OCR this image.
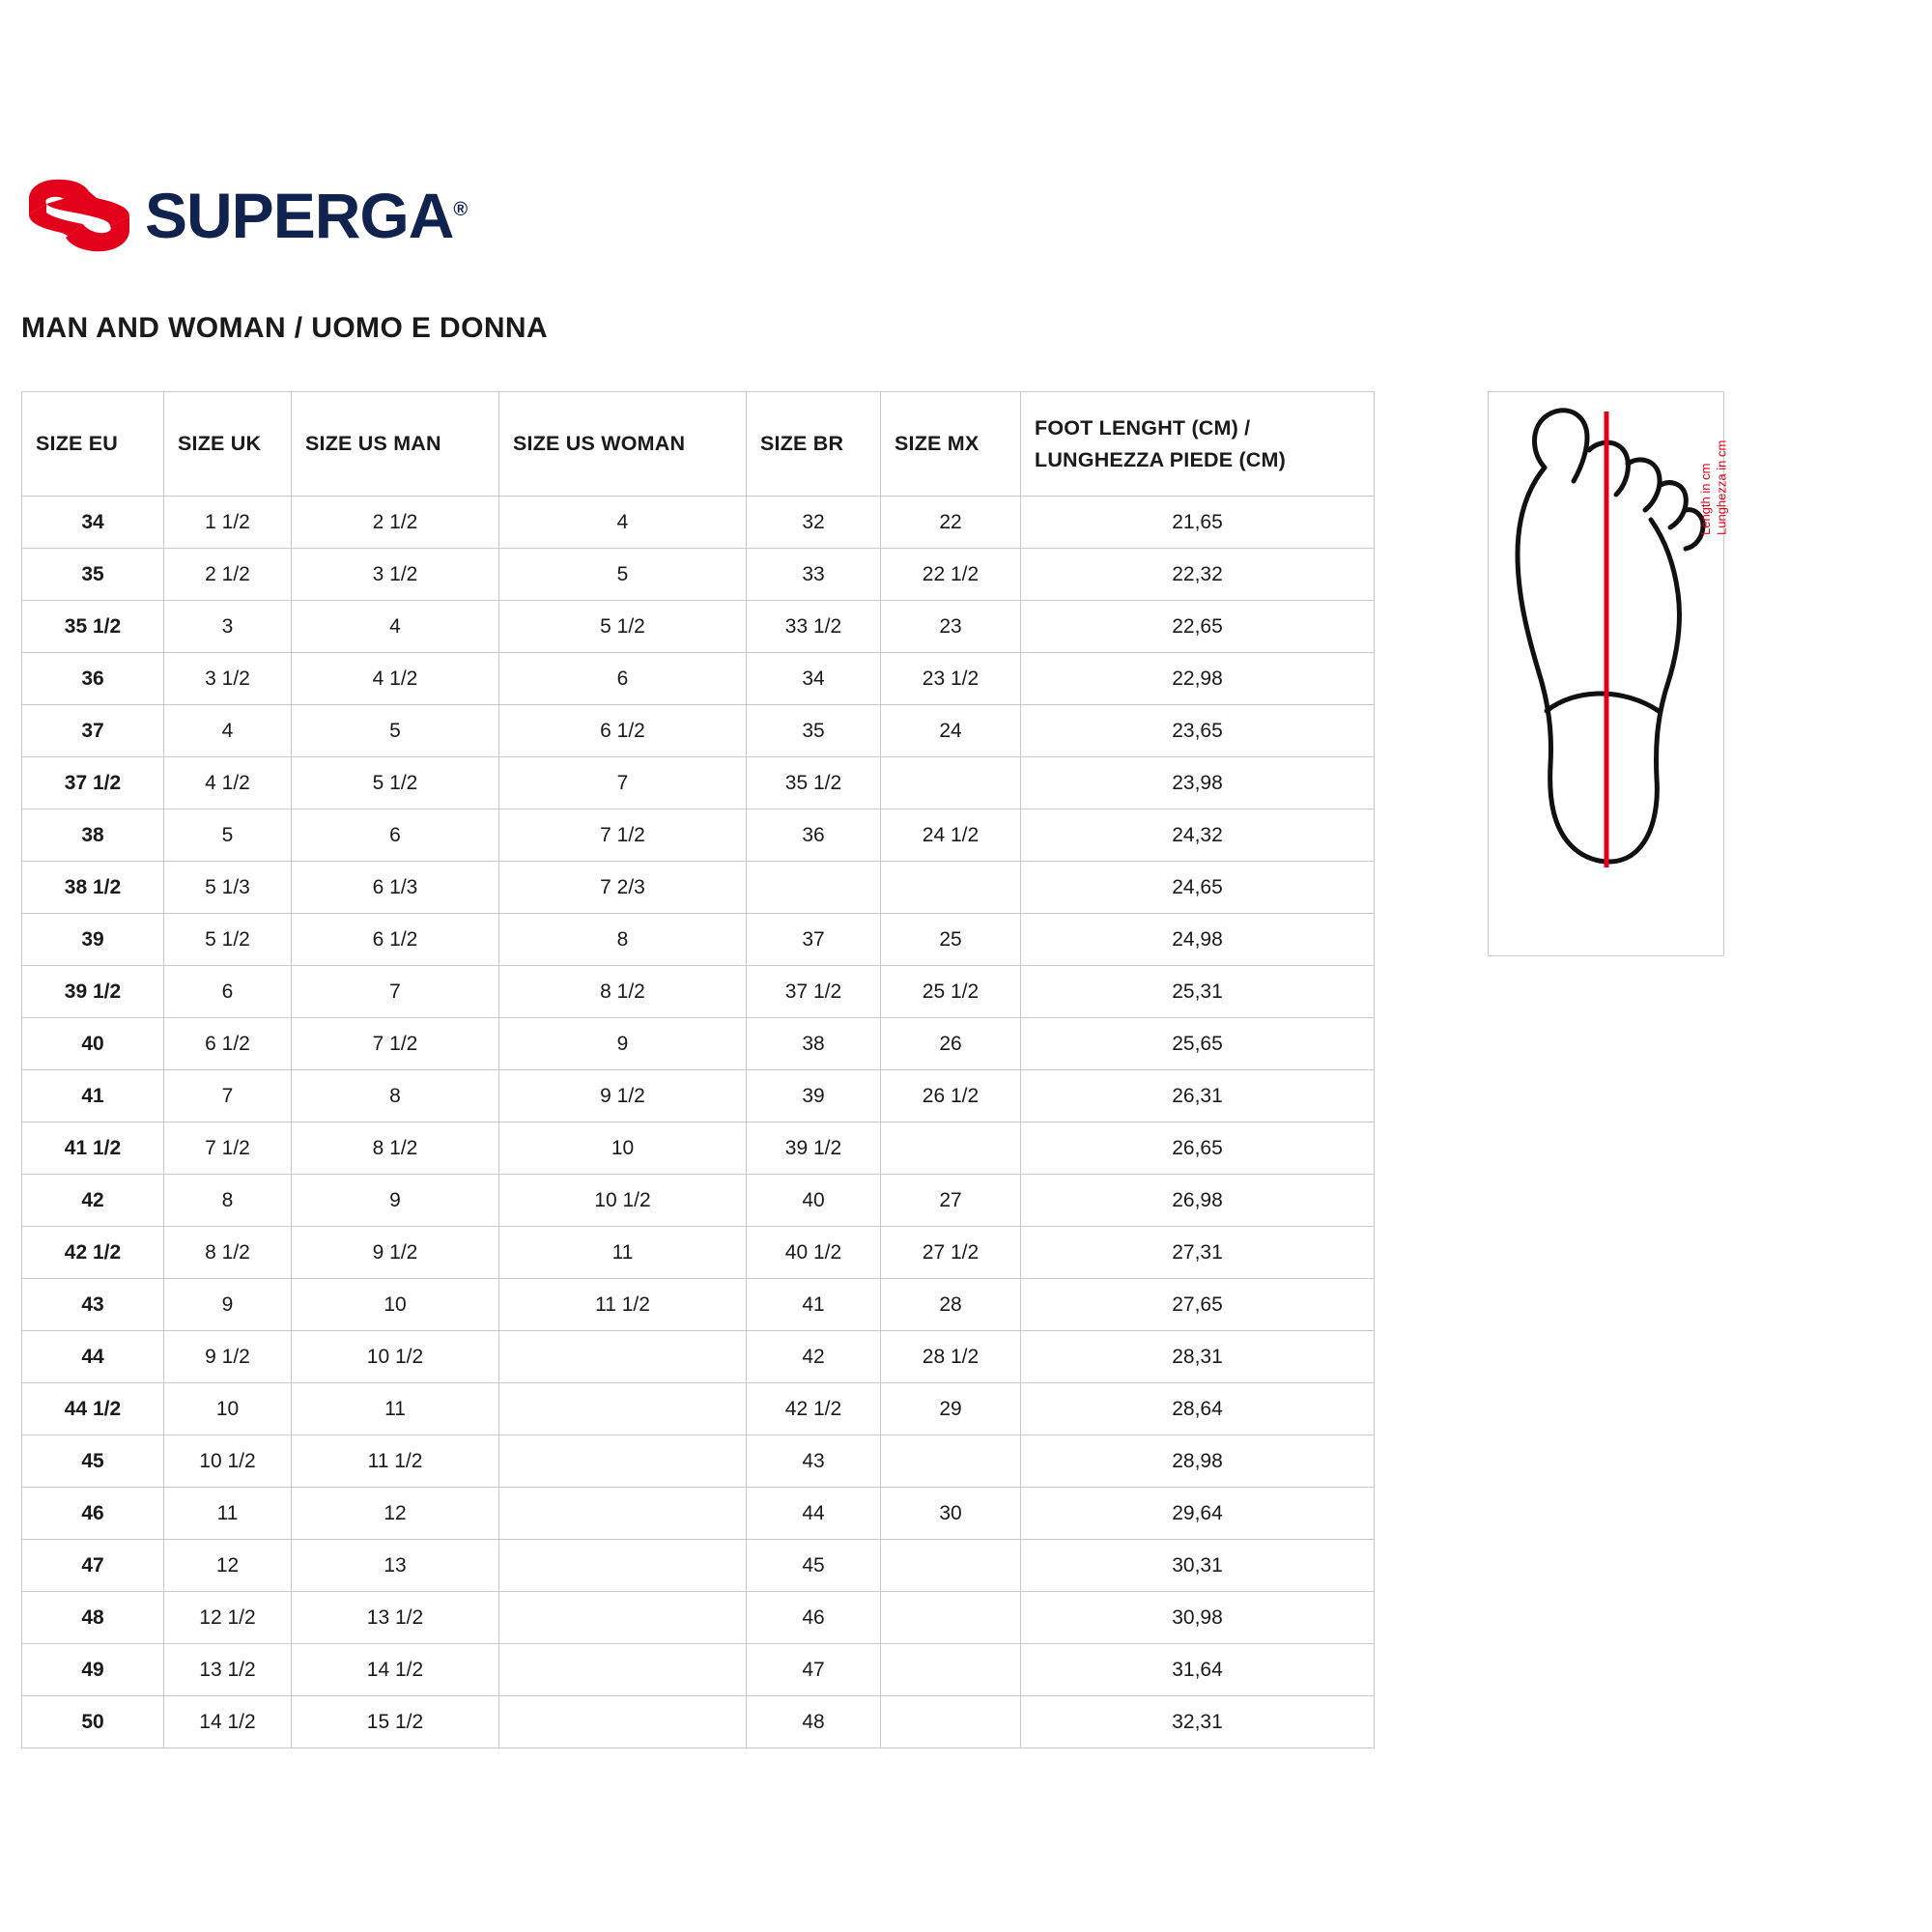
SUPERGA®
MAN AND WOMAN / UOMO E DONNA
SIZE EU	SIZE UK	SIZE US MAN	SIZE US WOMAN	SIZE BR	SIZE MX	FOOT LENGHT (CM) /
LUNGHEZZA PIEDE (CM)

34	1 1/2	2 1/2	4	32	22	21,65
35	2 1/2	3 1/2	5	33	22 1/2	22,32
35 1/2	3	4	5 1/2	33 1/2	23	22,65
36	3 1/2	4 1/2	6	34	23 1/2	22,98
37	4	5	6 1/2	35	24	23,65
37 1/2	4 1/2	5 1/2	7	35 1/2		23,98
38	5	6	7 1/2	36	24 1/2	24,32
38 1/2	5 1/3	6 1/3	7 2/3			24,65
39	5 1/2	6 1/2	8	37	25	24,98
39 1/2	6	7	8 1/2	37 1/2	25 1/2	25,31
40	6 1/2	7 1/2	9	38	26	25,65
41	7	8	9 1/2	39	26 1/2	26,31
41 1/2	7 1/2	8 1/2	10	39 1/2		26,65
42	8	9	10 1/2	40	27	26,98
42 1/2	8 1/2	9 1/2	11	40 1/2	27 1/2	27,31
43	9	10	11 1/2	41	28	27,65
44	9 1/2	10 1/2		42	28 1/2	28,31
44 1/2	10	11		42 1/2	29	28,64
45	10 1/2	11 1/2		43		28,98
46	11	12		44	30	29,64
47	12	13		45		30,31
48	12 1/2	13 1/2		46		30,98
49	13 1/2	14 1/2		47		31,64
50	14 1/2	15 1/2		48		32,31
Length in cm Lunghezza in cm
